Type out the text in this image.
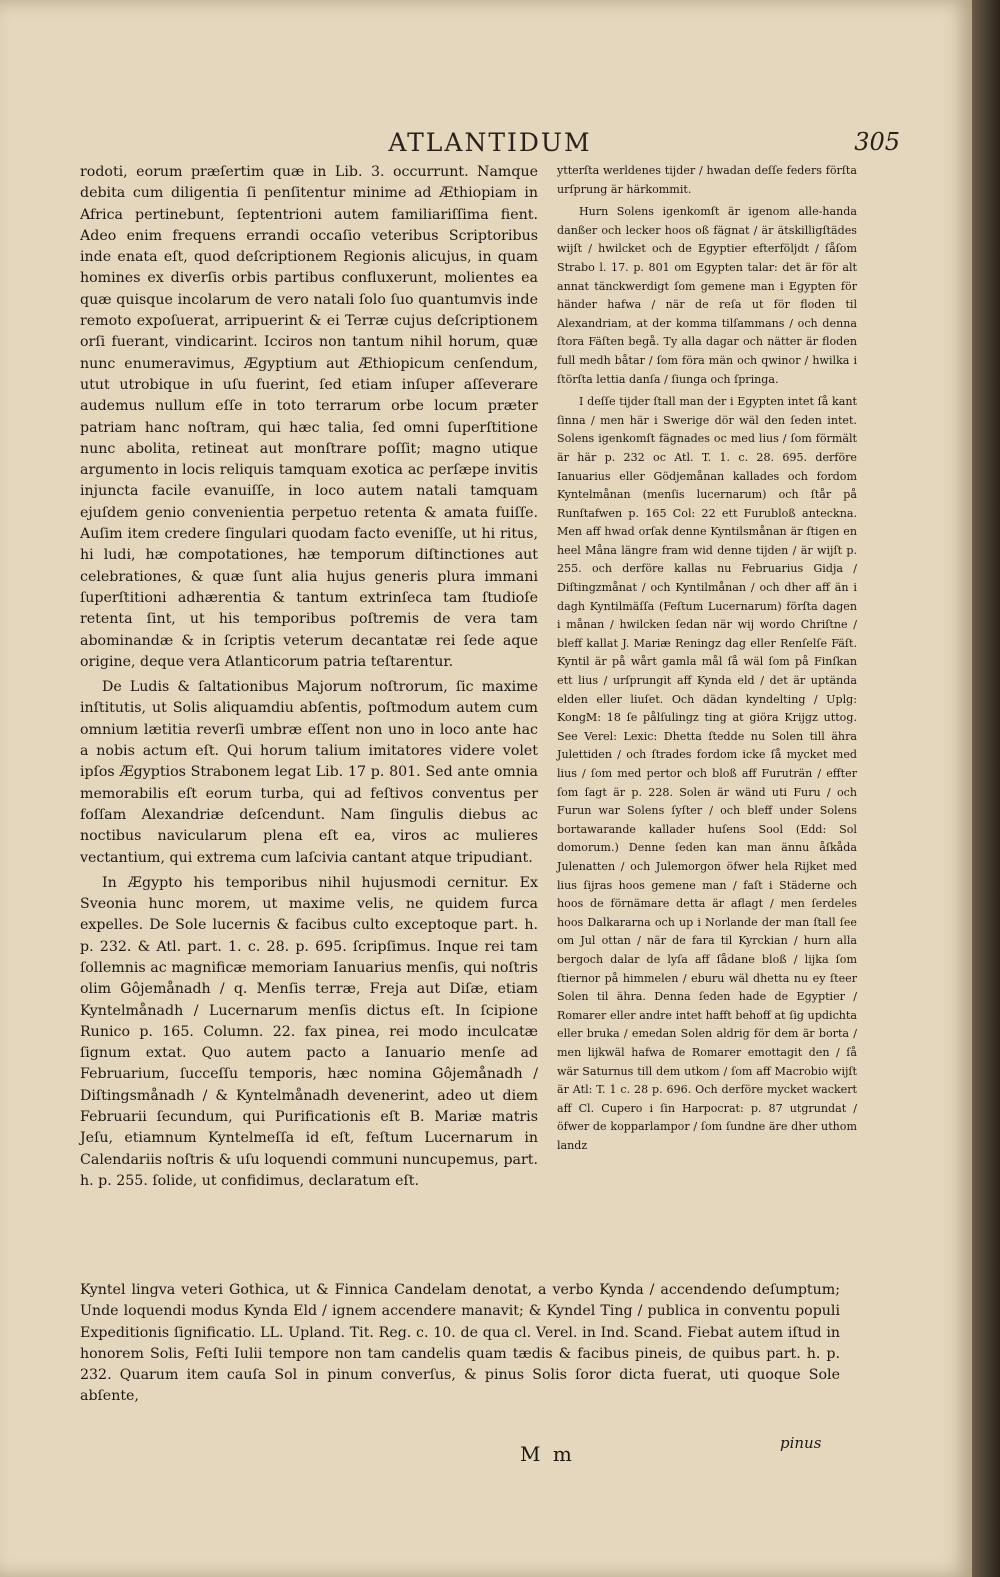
ATLANTIDUM	305

rodoti, eorum præſertim quæ in Lib. 3. occurrunt. Namque debita cum diligentia ſi penſitentur minime ad Æthiopiam in Africa pertinebunt, ſeptentrioni autem familiariſſima fient. Adeo enim frequens errandi occaſio veteribus Scriptoribus inde enata eſt, quod deſcriptionem Regionis alicujus, in quam homines ex diverſis orbis partibus confluxerunt, molientes ea quæ quisque incolarum de vero natali ſolo ſuo quantumvis inde remoto expoſuerat, arripuerint & ei Terræ cujus deſcriptionem orſi fuerant, vindicarint. Icciros non tantum nihil horum, quæ nunc enumeravimus, Ægyptium aut Æthiopicum cenſendum, utut utrobique in uſu fuerint, ſed etiam inſuper aſſeverare audemus nullum eſſe in toto terrarum orbe locum præter patriam hanc noſtram, qui hæc talia, ſed omni ſuperſtitione nunc abolita, retineat aut monſtrare poſſit; magno utique argumento in locis reliquis tamquam exotica ac perſæpe invitis injuncta facile evanuiſſe, in loco autem natali tamquam ejuſdem genio convenientia perpetuo retenta & amata fuiſſe. Auſim item credere ſingulari quodam facto eveniſſe, ut hi ritus, hi ludi, hæ compotationes, hæ temporum diſtinctiones aut celebrationes, & quæ ſunt alia hujus generis plura immani ſuperſtitioni adhærentia & tantum extrinſeca tam ſtudioſe retenta ſint, ut his temporibus poſtremis de vera tam abominandæ & in ſcriptis veterum decantatæ rei ſede aque origine, deque vera Atlanticorum patria teſtarentur.

De Ludis & ſaltationibus Majorum noſtrorum, ſic maxime inſtitutis, ut Solis aliquamdiu abſentis, poſtmodum autem cum omnium lætitia reverſi umbræ eſſent non uno in loco ante hac a nobis actum eſt. Qui horum talium imitatores videre volet ipſos Ægyptios Strabonem legat Lib. 17 p. 801. Sed ante omnia memorabilis eſt eorum turba, qui ad feſtivos conventus per foſſam Alexandriæ deſcendunt. Nam ſingulis diebus ac noctibus navicularum plena eſt ea, viros ac mulieres vectantium, qui extrema cum laſcivia cantant atque tripudiant.

In Ægypto his temporibus nihil hujusmodi cernitur. Ex Sveonia hunc morem, ut maxime velis, ne quidem furca expelles. De Sole lucernis & facibus culto exceptoque part. h. p. 232. & Atl. part. 1. c. 28. p. 695. ſcripſimus. Inque rei tam ſollemnis ac magnificæ memoriam Ianuarius menſis, qui noſtris olim Gôjemånadh / q. Menſis terræ, Freja aut Diſæ, etiam Kyntelmånadh / Lucernarum menſis dictus eſt. In ſcipione Runico p. 165. Column. 22. fax pinea, rei modo inculcatæ ſignum extat. Quo autem pacto a Ianuario menſe ad Februarium, ſucceſſu temporis, hæc nomina Gôjemånadh / Diſtingsmånadh / & Kyntelmånadh devenerint, adeo ut diem Februarii ſecundum, qui Purificationis eſt B. Mariæ matris Jeſu, etiamnum Kyntelmeſſa id eſt, feſtum Lucernarum in Calendariis noſtris & uſu loquendi communi nuncupemus, part. h. p. 255. ſolide, ut confidimus, declaratum eſt.

ytterſta werldenes tijder / hwadan deſſe feders förſta urſprung är härkommit.

Hurn Solens igenkomſt är igenom alle-handa danßer och lecker hoos oß fägnat / är ätskilligſtädes wijſt / hwilcket och de Egyptier efterföljdt / ſåſom Strabo l. 17. p. 801 om Egypten talar: det är för alt annat tänckwerdigt ſom gemene man i Egypten för händer hafwa / när de reſa ut för floden til Alexandriam, at der komma tilſammans / och denna ſtora Fäſten begå. Ty alla dagar och nätter är floden full medh båtar / ſom föra män och qwinor / hwilka i ſtörſta lettia danſa / ſiunga och ſpringa.

I deſſe tijder ſtall man der i Egypten intet ſå kant ſinna / men här i Swerige dör wäl den ſeden intet. Solens igenkomſt fägnades oc med lius / ſom förmält är här p. 232 oc Atl. T. 1. c. 28. 695. derföre Ianuarius eller Gödjemånan kallades och fordom Kyntelmånan (menſis lucernarum) och ſtår på Runſtafwen p. 165 Col: 22 ett Furubloß anteckna. Men aff hwad orſak denne Kyntilsmånan är ſtigen en heel Måna längre fram wid denne tijden / är wijſt p. 255. och derföre kallas nu Februarius Gidja / Diſtingzmånat / och Kyntilmånan / och dher aff än i dagh Kyntilmäſſa (Feſtum Lucernarum) förſta dagen i månan / hwilcken ſedan när wij wordo Chriſtne / bleff kallat J. Mariæ Reningz dag eller Renſelſe Fäſt. Kyntil är på wårt gamla mål ſå wäl ſom på Finſkan ett lius / urſprungit aff Kynda eld / det är uptända elden eller liuſet. Och dädan kyndelting / Uplg: KongM: 18 ſe pålſulingz ting at giöra Krijgz uttog. See Verel: Lexic: Dhetta ſtedde nu Solen till ähra Julettiden / och ſtrades fordom icke ſå mycket med lius / ſom med pertor och bloß aff Furuträn / effter ſom ſagt är p. 228. Solen är wänd uti Furu / och Furun war Solens ſyſter / och bleff under Solens bortawarande kallader huſens Sool (Edd: Sol domorum.) Denne ſeden kan man ännu åſkåda Julenatten / och Julemorgon öfwer hela Rijket med lius ſijras hoos gemene man / faſt i Städerne och hoos de förnämare detta är aflagt / men ſerdeles hoos Dalkararna och up i Norlande der man ſtall ſee om Jul ottan / när de fara til Kyrckian / hurn alla bergoch dalar de lyſa aff ſådane bloß / lijka ſom ſtiernor på himmelen / eburu wäl dhetta nu ey ſteer Solen til ähra. Denna ſeden hade de Egyptier / Romarer eller andre intet hafft behoff at ſig updichta eller bruka / emedan Solen aldrig för dem är borta / men lijkwäl hafwa de Romarer emottagit den / ſå wär Saturnus till dem utkom / ſom aff Macrobio wijſt är Atl: T. 1 c. 28 p. 696. Och derföre mycket wackert aff Cl. Cupero i ſin Harpocrat: p. 87 utgrundat / öfwer de kopparlampor / ſom ſundne äre dher uthom landz

Kyntel lingva veteri Gothica, ut & Finnica Candelam denotat, a verbo Kynda / accendendo deſumptum; Unde loquendi modus Kynda Eld / ignem accendere manavit; & Kyndel Ting / publica in conventu populi Expeditionis ſignificatio. LL. Upland. Tit. Reg. c. 10. de qua cl. Verel. in Ind. Scand. Fiebat autem iſtud in honorem Solis, Feſti Iulii tempore non tam candelis quam tædis & facibus pineis, de quibus part. h. p. 232. Quarum item cauſa Sol in pinum converſus, & pinus Solis ſoror dicta fuerat, uti quoque Sole abſente,

M m	pinus
